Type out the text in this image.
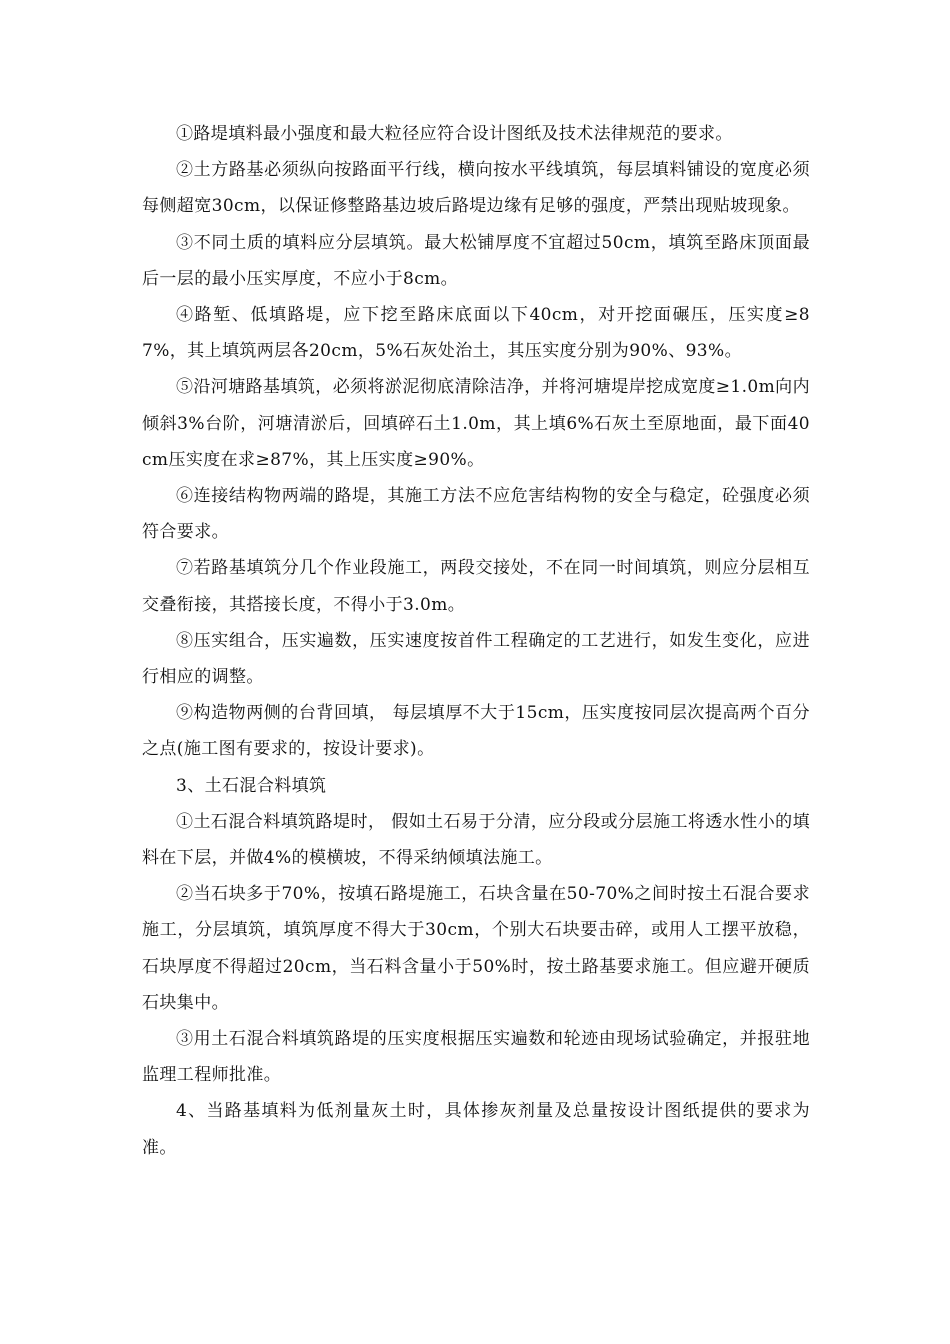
①路堤填料最小强度和最大粒径应符合设计图纸及技术法律规范的要求。

②土方路基必须纵向按路面平行线，横向按水平线填筑，每层填料铺设的宽度必须每侧超宽30cm，以保证修整路基边坡后路堤边缘有足够的强度，严禁出现贴坡现象。

③不同土质的填料应分层填筑。最大松铺厚度不宜超过50cm，填筑至路床顶面最后一层的最小压实厚度，不应小于8cm。

④路堑、低填路堤，应下挖至路床底面以下40cm，对开挖面碾压，压实度≥87%，其上填筑两层各20cm，5%石灰处治土，其压实度分别为90%、93%。

⑤沿河塘路基填筑，必须将淤泥彻底清除洁净，并将河塘堤岸挖成宽度≥1.0m向内倾斜3%台阶，河塘清淤后，回填碎石土1.0m，其上填6%石灰土至原地面，最下面40cm压实度在求≥87%，其上压实度≥90%。

⑥连接结构物两端的路堤，其施工方法不应危害结构物的安全与稳定，砼强度必须符合要求。

⑦若路基填筑分几个作业段施工，两段交接处，不在同一时间填筑，则应分层相互交叠衔接，其搭接长度，不得小于3.0m。

⑧压实组合，压实遍数，压实速度按首件工程确定的工艺进行，如发生变化，应进行相应的调整。

⑨构造物两侧的台背回填， 每层填厚不大于15cm，压实度按同层次提高两个百分之点(施工图有要求的，按设计要求)。

3、土石混合料填筑

①土石混合料填筑路堤时， 假如土石易于分清，应分段或分层施工将透水性小的填料在下层，并做4%的模横坡，不得采纳倾填法施工。

②当石块多于70%，按填石路堤施工，石块含量在50-70%之间时按土石混合要求施工，分层填筑，填筑厚度不得大于30cm，个别大石块要击碎，或用人工摆平放稳，石块厚度不得超过20cm，当石料含量小于50%时，按土路基要求施工。但应避开硬质石块集中。

③用土石混合料填筑路堤的压实度根据压实遍数和轮迹由现场试验确定，并报驻地监理工程师批准。

4、当路基填料为低剂量灰土时，具体掺灰剂量及总量按设计图纸提供的要求为准。
